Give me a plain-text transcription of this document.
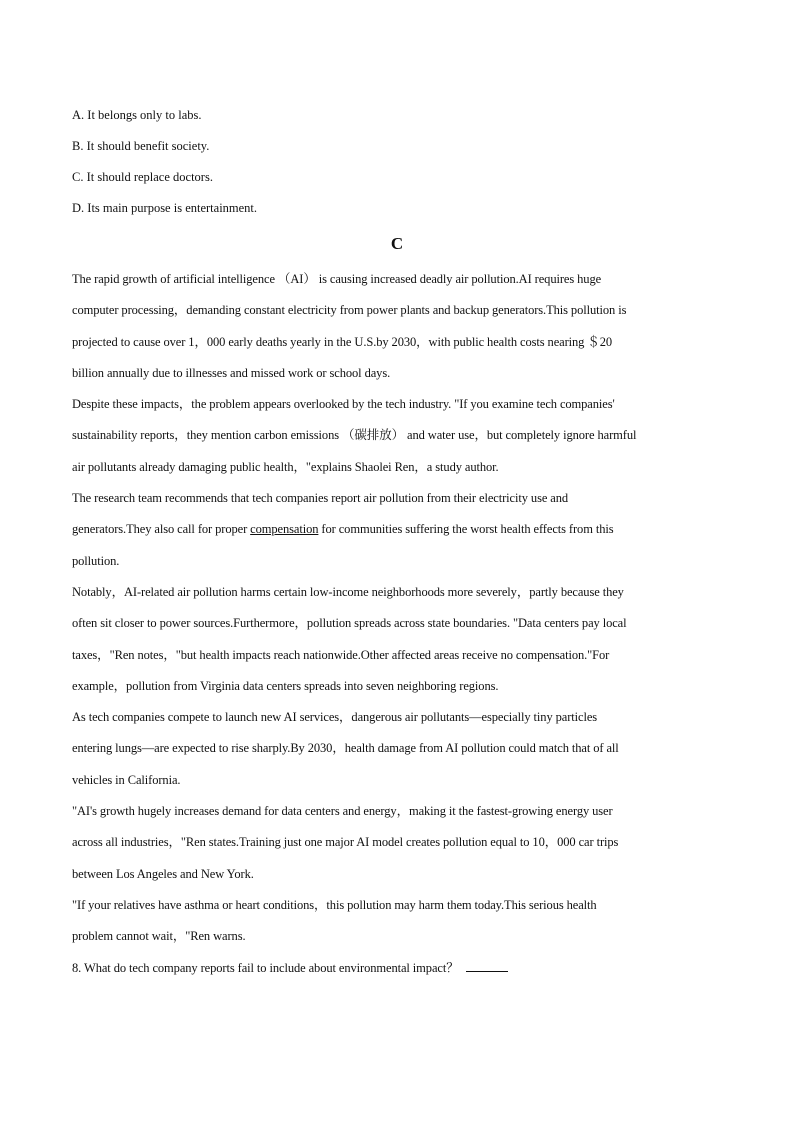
A. It belongs only to labs.
B. It should benefit society.
C. It should replace doctors.
D. Its main purpose is entertainment.
C
The rapid growth of artificial intelligence （AI） is causing increased deadly air pollution.AI requires huge
computer processing，demanding constant electricity from power plants and backup generators.This pollution is
projected to cause over 1，000 early deaths yearly in the U.S.by 2030，with public health costs nearing ＄20
billion annually due to illnesses and missed work or school days.
Despite these impacts，the problem appears overlooked by the tech industry. "If you examine tech companies'
sustainability reports，they mention carbon emissions （碳排放） and water use，but completely ignore harmful
air pollutants already damaging public health，"explains Shaolei Ren，a study author.
The research team recommends that tech companies report air pollution from their electricity use and
generators.They also call for proper compensation for communities suffering the worst health effects from this
pollution.
Notably，AI-related air pollution harms certain low-income neighborhoods more severely，partly because they
often sit closer to power sources.Furthermore，pollution spreads across state boundaries. "Data centers pay local
taxes，"Ren notes，"but health impacts reach nationwide.Other affected areas receive no compensation."For
example，pollution from Virginia data centers spreads into seven neighboring regions.
As tech companies compete to launch new AI services，dangerous air pollutants—especially tiny particles
entering lungs—are expected to rise sharply.By 2030，health damage from AI pollution could match that of all
vehicles in California.
"AI's growth hugely increases demand for data centers and energy，making it the fastest-growing energy user
across all industries，"Ren states.Training just one major AI model creates pollution equal to 10，000 car trips
between Los Angeles and New York.
"If your relatives have asthma or heart conditions，this pollution may harm them today.This serious health
problem cannot wait，"Ren warns.
8. What do tech company reports fail to include about environmental impact？
